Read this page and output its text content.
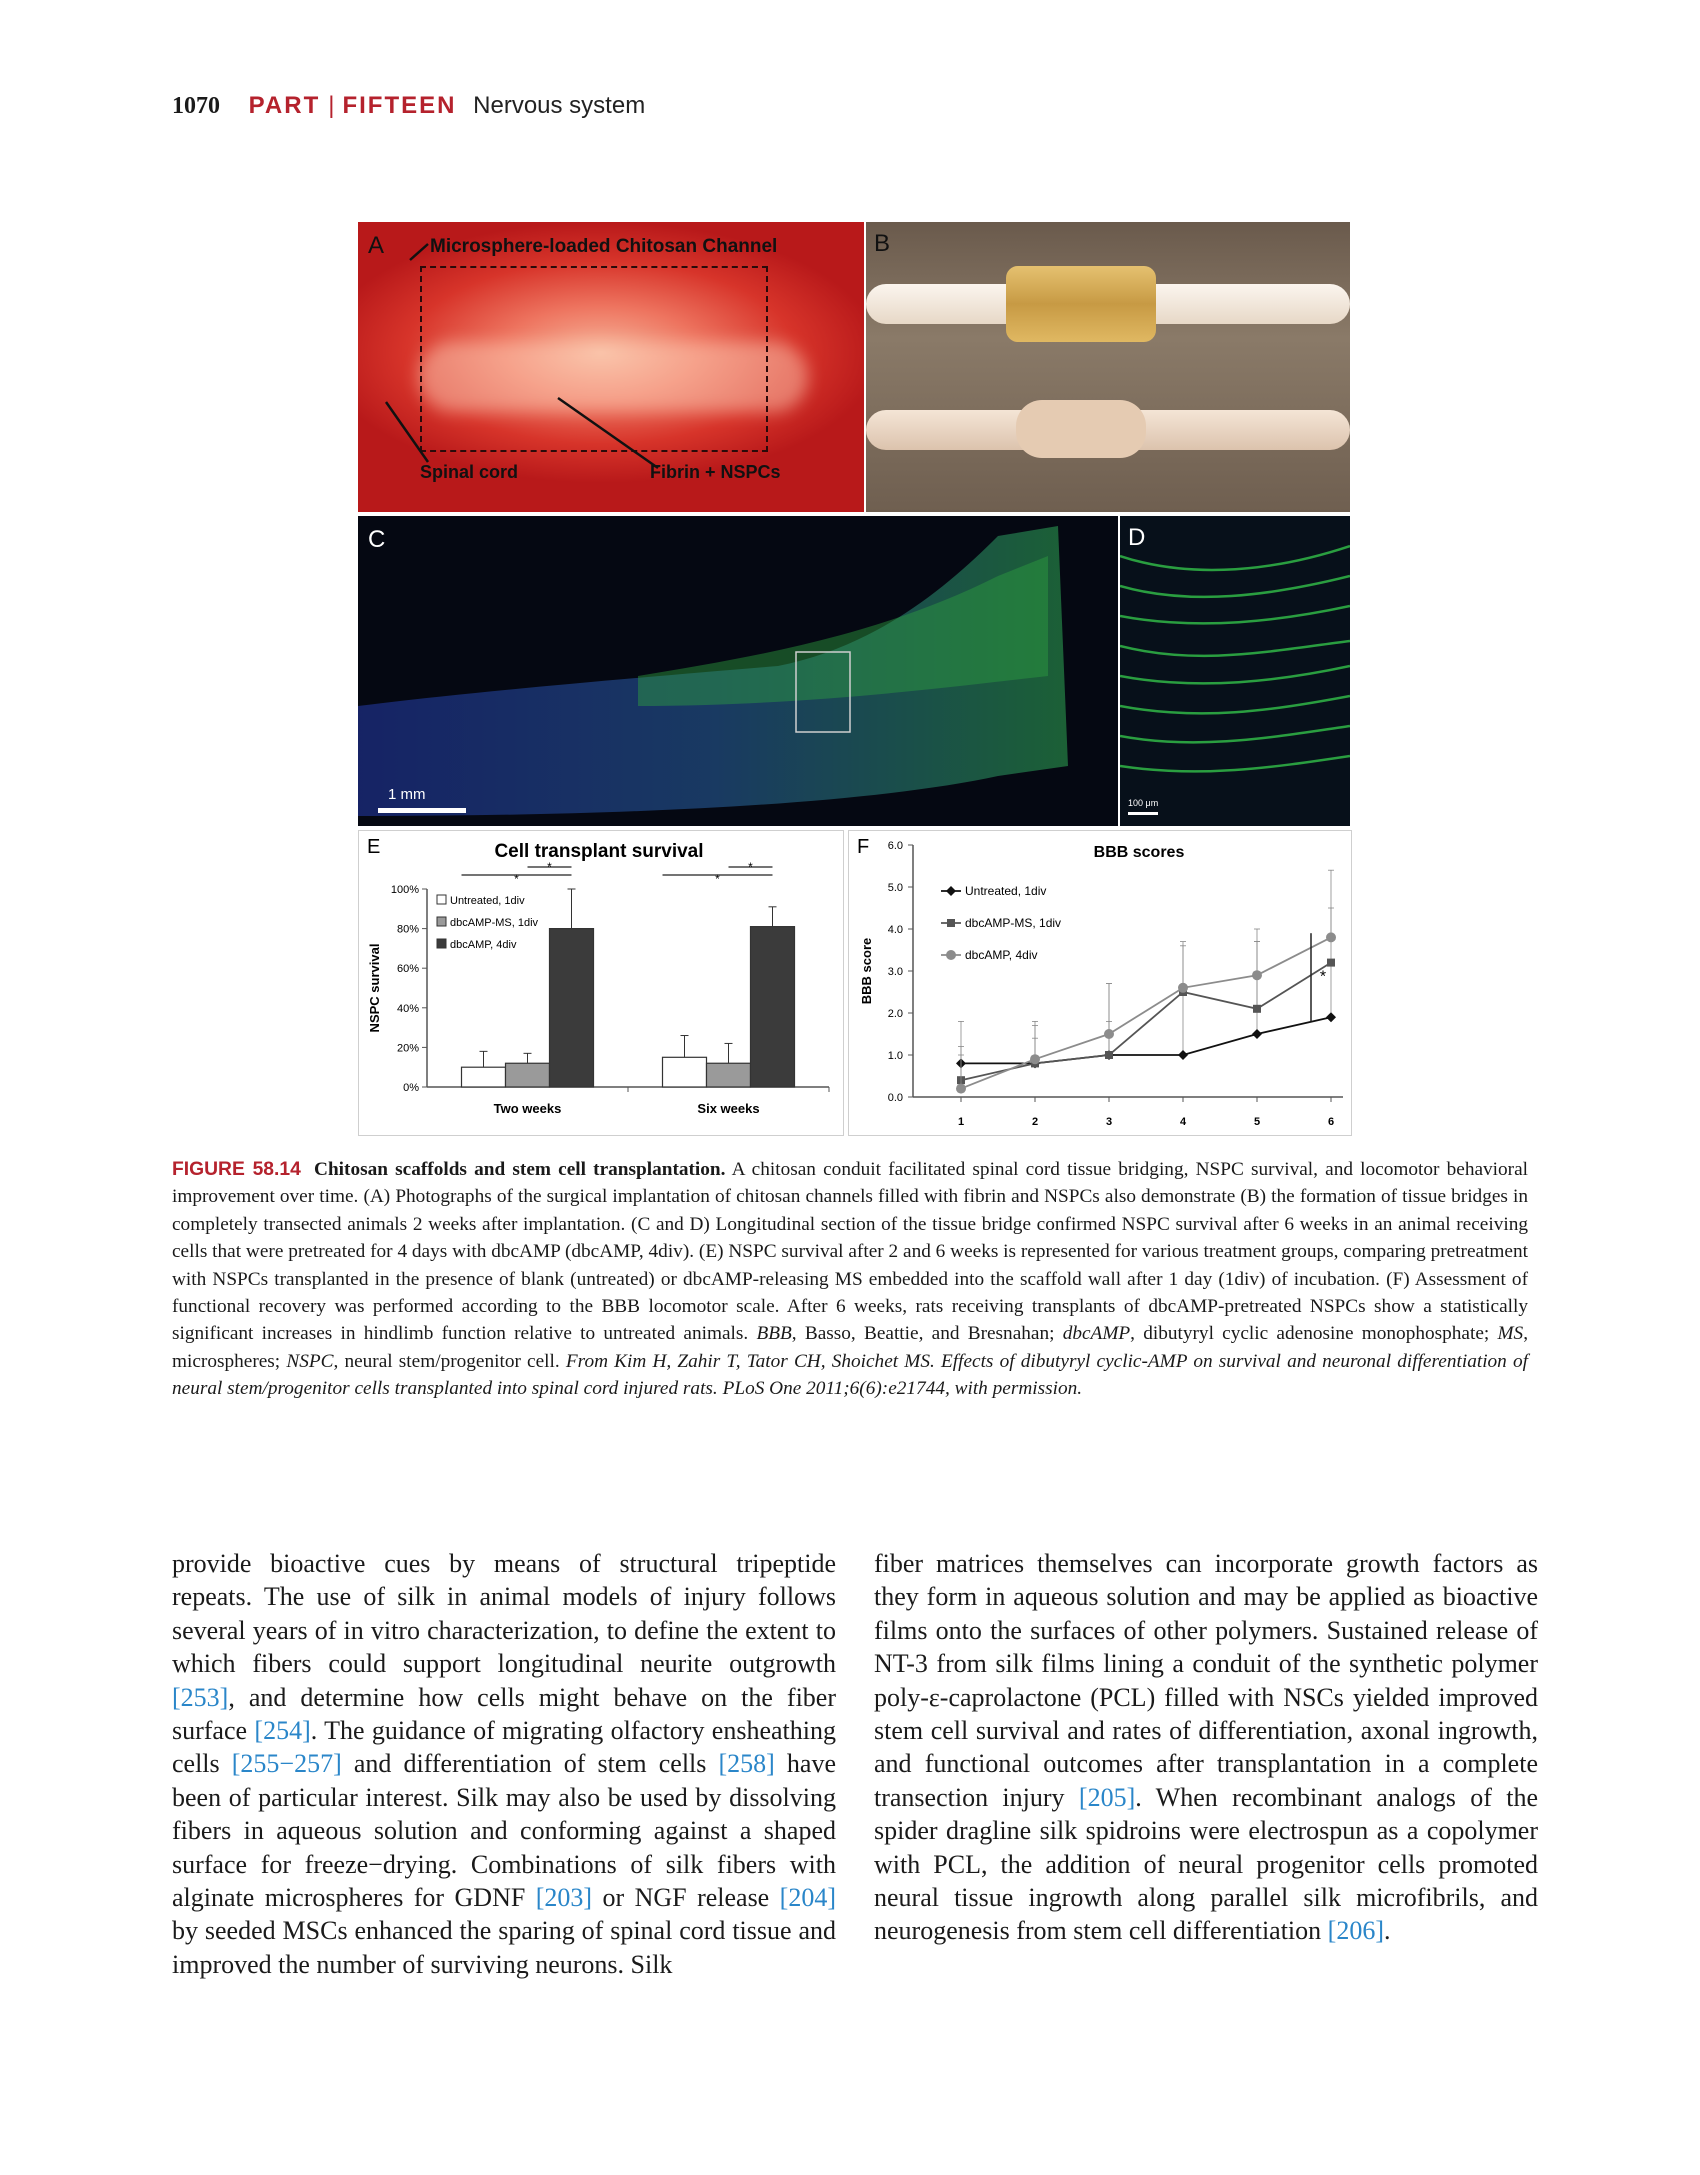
1070 PART | FIFTEEN Nervous system
A Microsphere-loaded Chitosan Channel
Spinal cord	Fibrin + NSPCs
B
C
1 mm
D
100 μm
E	Cell transplant survival
NSPC survival
0%
20%
40%
60%
80%
100%
Two weeks
*
*
Six weeks
*
*
Untreated, 1div
dbcAMP-MS, 1div
dbcAMP, 4div
F	BBB scores
BBB score
0.0
1.0
2.0
3.0
4.0
5.0
6.0
1	2	3	4	5	6
Untreated, 1div
dbcAMP-MS, 1div
dbcAMP, 4div
*
FIGURE 58.14 Chitosan scaffolds and stem cell transplantation. A chitosan conduit facilitated spinal cord tissue bridging, NSPC survival, and locomotor behavioral improvement over time. (A) Photographs of the surgical implantation of chitosan channels filled with fibrin and NSPCs also demonstrate (B) the formation of tissue bridges in completely transected animals 2 weeks after implantation. (C and D) Longitudinal section of the tissue bridge confirmed NSPC survival after 6 weeks in an animal receiving cells that were pretreated for 4 days with dbcAMP (dbcAMP, 4div). (E) NSPC survival after 2 and 6 weeks is represented for various treatment groups, comparing pretreatment with NSPCs transplanted in the presence of blank (untreated) or dbcAMP-releasing MS embedded into the scaffold wall after 1 day (1div) of incubation. (F) Assessment of functional recovery was performed according to the BBB locomotor scale. After 6 weeks, rats receiving transplants of dbcAMP-pretreated NSPCs show a statistically significant increases in hindlimb function relative to untreated animals. BBB, Basso, Beattie, and Bresnahan; dbcAMP, dibutyryl cyclic adenosine monophosphate; MS, microspheres; NSPC, neural stem/progenitor cell. From Kim H, Zahir T, Tator CH, Shoichet MS. Effects of dibutyryl cyclic-AMP on survival and neuronal differentiation of neural stem/progenitor cells transplanted into spinal cord injured rats. PLoS One 2011;6(6):e21744, with permission.

provide bioactive cues by means of structural tripeptide repeats. The use of silk in animal models of injury follows several years of in vitro characterization, to define the extent to which fibers could support longitudinal neurite outgrowth [253], and determine how cells might behave on the fiber surface [254]. The guidance of migrating olfactory ensheathing cells [255−257] and differentiation of stem cells [258] have been of particular interest. Silk may also be used by dissolving fibers in aqueous solution and conforming against a shaped surface for freeze−drying. Combinations of silk fibers with alginate microspheres for GDNF [203] or NGF release [204] by seeded MSCs enhanced the sparing of spinal cord tissue and improved the number of surviving neurons. Silk

fiber matrices themselves can incorporate growth factors as they form in aqueous solution and may be applied as bioactive films onto the surfaces of other polymers. Sustained release of NT-3 from silk films lining a conduit of the synthetic polymer poly-ε-caprolactone (PCL) filled with NSCs yielded improved stem cell survival and rates of differentiation, axonal ingrowth, and functional outcomes after transplantation in a complete transection injury [205]. When recombinant analogs of the spider dragline silk spidroins were electrospun as a copolymer with PCL, the addition of neural progenitor cells promoted neural tissue ingrowth along parallel silk microfibrils, and neurogenesis from stem cell differentiation [206].
